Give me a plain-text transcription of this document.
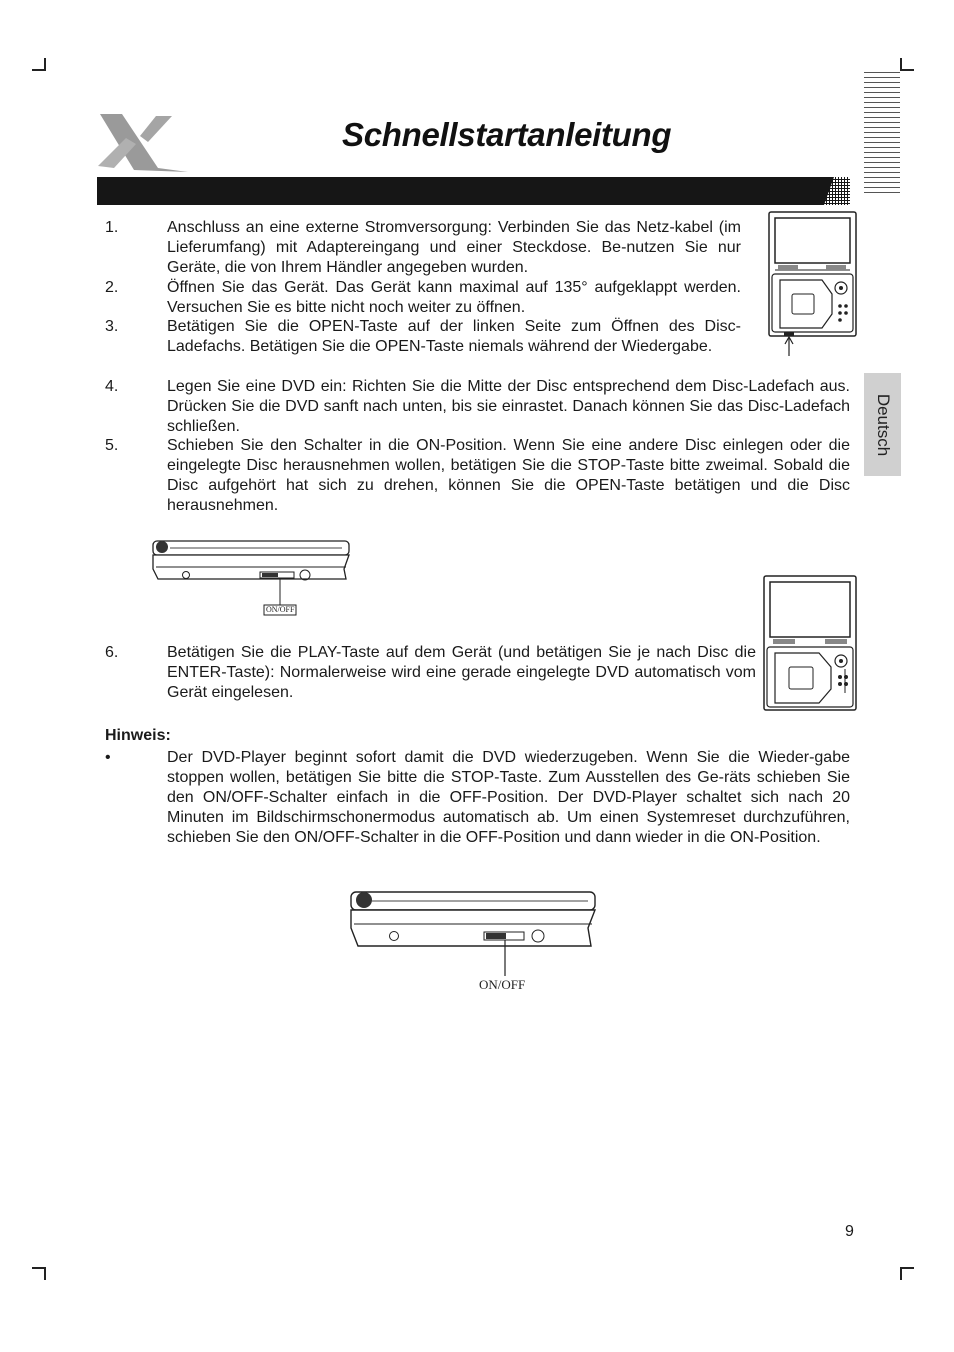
Schnellstartanleitung
Deutsch
1.	Anschluss an eine externe Stromversorgung: Verbinden Sie das Netz-kabel (im Lieferumfang) mit Adaptereingang und einer Steckdose. Be-nutzen Sie nur Geräte, die von Ihrem Händler angegeben wurden.
2.	Öffnen Sie das Gerät. Das Gerät kann maximal auf 135° aufgeklappt werden. Versuchen Sie es bitte nicht noch weiter zu öffnen.
3.	Betätigen Sie die OPEN-Taste auf der linken Seite zum Öffnen des Disc-Ladefachs. Betätigen Sie die OPEN-Taste niemals während der Wiedergabe.
4.	Legen Sie eine DVD ein: Richten Sie die Mitte der Disc entsprechend dem Disc-Ladefach aus. Drücken Sie die DVD sanft nach unten, bis sie einrastet. Danach können Sie das Disc-Ladefach schließen.
5.	Schieben Sie den Schalter in die ON-Position. Wenn Sie eine andere Disc einlegen oder die eingelegte Disc herausnehmen wollen, betätigen Sie die STOP-Taste bitte zweimal. Sobald die Disc aufgehört hat sich zu drehen, können Sie die OPEN-Taste betätigen und die Disc herausnehmen.
6.	Betätigen Sie die PLAY-Taste auf dem Gerät (und betätigen Sie je nach Disc die ENTER-Taste): Normalerweise wird eine gerade eingelegte DVD automatisch vom Gerät eingelesen.
Hinweis:
•	Der DVD-Player beginnt sofort damit die DVD wiederzugeben. Wenn Sie die Wieder-gabe stoppen wollen, betätigen Sie bitte die STOP-Taste. Zum Ausstellen des Ge-räts schieben Sie den ON/OFF-Schalter einfach in die OFF-Position. Der DVD-Player schaltet sich nach 20 Minuten im Bildschirmschonermodus automatisch ab. Um einen Systemreset durchzuführen, schieben Sie den ON/OFF-Schalter in die OFF-Position und dann wieder in die ON-Position.
ON/OFF
ON/OFF
9
